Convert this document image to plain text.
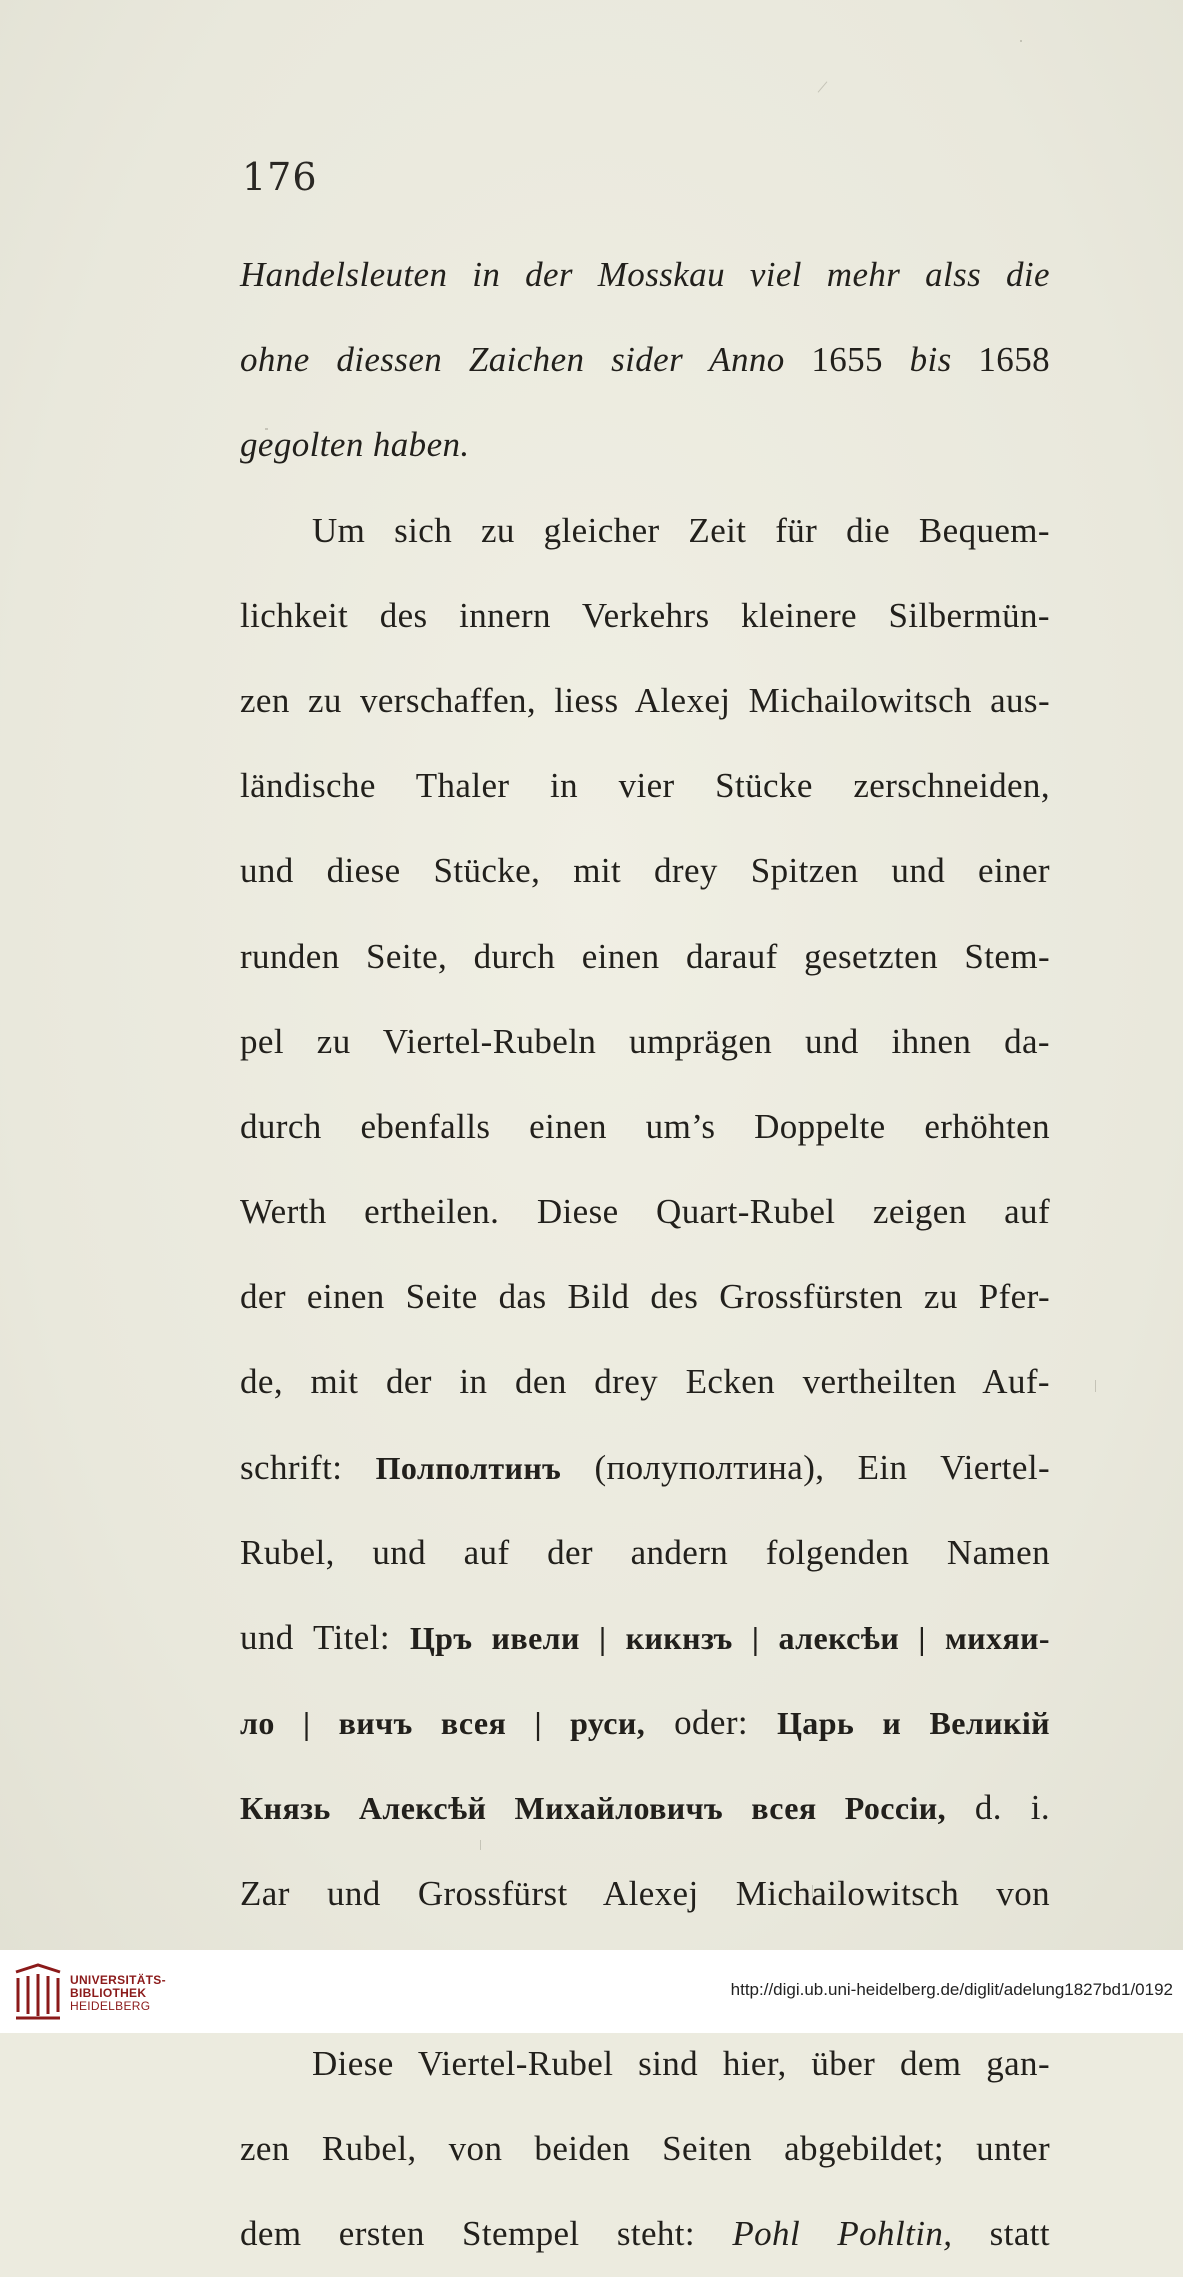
176
Handelsleuten in der Mosskau viel mehr alss die
ohne diessen Zaichen sider Anno 1655 bis 1658
gegolten haben.
Um sich zu gleicher Zeit für die Bequem-
lichkeit des innern Verkehrs kleinere Silbermün-
zen zu verschaffen, liess Alexej Michailowitsch aus-
ländische Thaler in vier Stücke zerschneiden,
und diese Stücke, mit drey Spitzen und einer
runden Seite, durch einen darauf gesetzten Stem-
pel zu Viertel-Rubeln umprägen und ihnen da-
durch ebenfalls einen um’s Doppelte erhöhten
Werth ertheilen. Diese Quart-Rubel zeigen auf
der einen Seite das Bild des Grossfürsten zu Pfer-
de, mit der in den drey Ecken vertheilten Auf-
schrift: Полполтинъ (полуполтина), Ein Viertel-
Rubel, und auf der andern folgenden Namen
und Titel: Цръ ивели | кикнзъ | алексѣи | михяи-
ло | вичъ всея | руси, oder: Царь и Великій
Князь Алексѣй Михайловичъ всея Россіи, d. i.
Zar und Grossfürst Alexej Michailowitsch von
Diese Viertel-Rubel sind hier, über dem gan-
zen Rubel, von beiden Seiten abgebildet; unter
dem ersten Stempel steht: Pohl Pohltin, statt
UNIVERSITÄTS-
BIBLIOTHEK
HEIDELBERG
http://digi.ub.uni-heidelberg.de/diglit/adelung1827bd1/0192
